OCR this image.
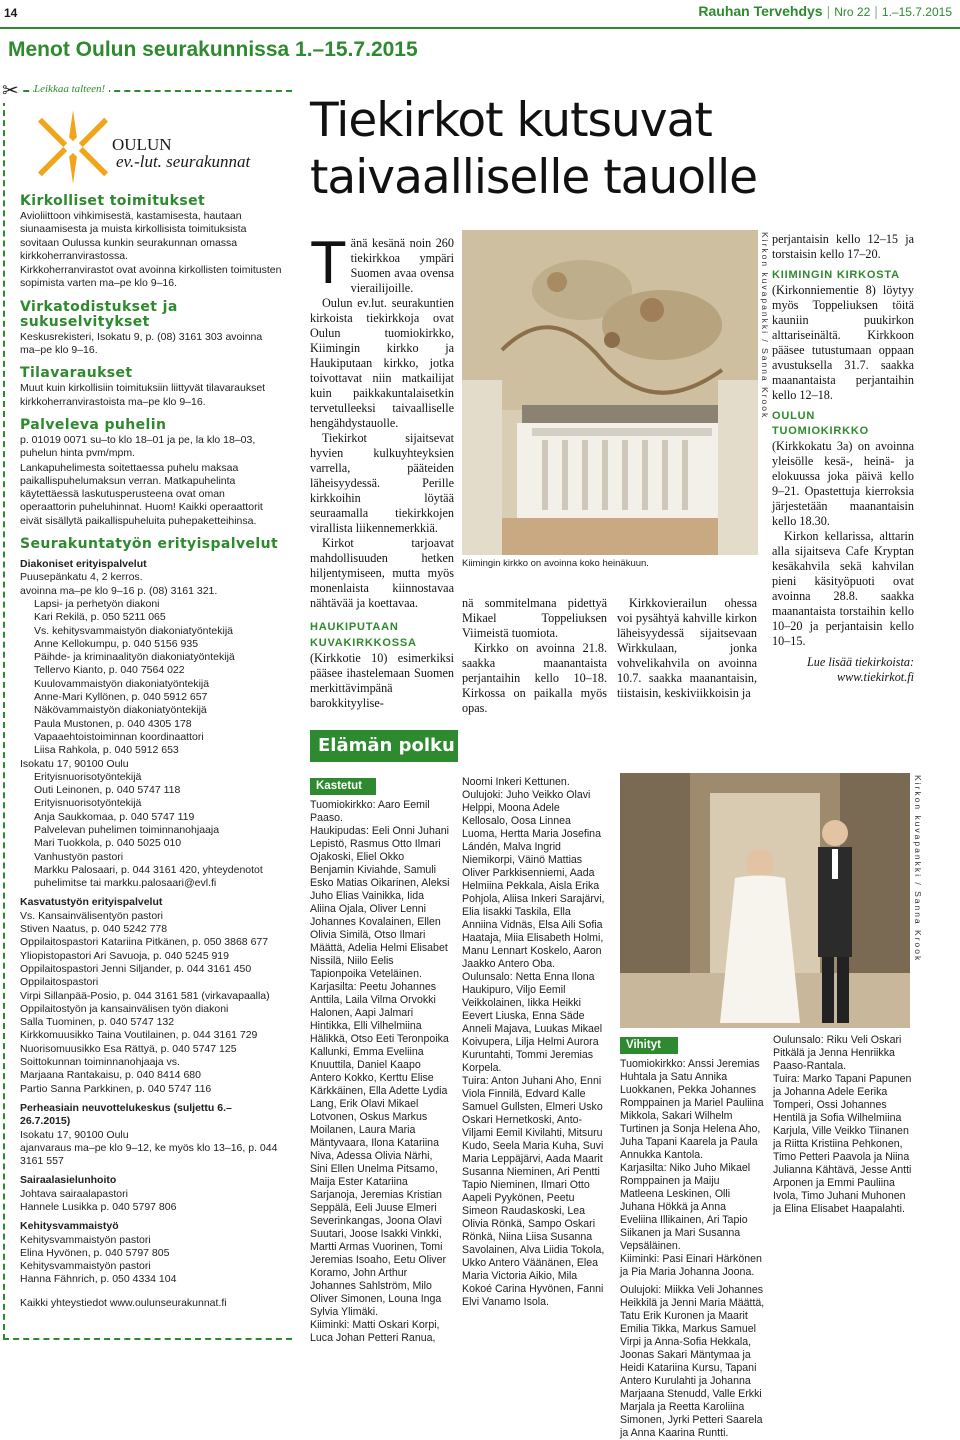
14	Rauhan Tervehdys | Nro 22 | 1.–15.7.2015
Menot Oulun seurakunnissa 1.–15.7.2015
✂ Leikkaa talteen!
OULUN
ev.-lut. seurakunnat
Kirkolliset toimitukset
Avioliittoon vihkimisestä, kastamisesta, hautaan siunaamisesta ja muista kirkollisista toimituksista sovitaan Oulussa kunkin seurakunnan omassa kirkkoherranvirastossa.
Kirkkoherranvirastot ovat avoinna kirkollisten toimitusten sopimista varten ma–pe klo 9–16.
Virkatodistukset ja sukuselvitykset
Keskusrekisteri, Isokatu 9, p. (08) 3161 303 avoinna ma–pe klo 9–16.
Tilavaraukset
Muut kuin kirkollisiin toimituksiin liittyvät tilavaraukset kirkkoherranvirastoista ma–pe klo 9–16.
Palveleva puhelin
p. 01019 0071 su–to klo 18–01 ja pe, la klo 18–03, puhelun hinta pvm/mpm.
Lankapuhelimesta soitettaessa puhelu maksaa paikallispuhelumaksun verran. Matkapuhelinta käytettäessä laskutusperusteena ovat oman operaattorin puheluhinnat. Huom! Kaikki operaattorit eivät sisällytä paikallispuheluita puhepaketteihinsa.
Seurakuntatyön erityispalvelut
Diakoniset erityispalvelut
Puusepänkatu 4, 2 kerros.
avoinna ma–pe klo 9–16 p. (08) 3161 321.
Lapsi- ja perhetyön diakoni
Kari Rekilä, p. 050 5211 065
Vs. kehitysvammaistyön diakoniatyöntekijä
Anne Kellokumpu, p. 040 5156 935
Päihde- ja kriminaalityön diakoniatyöntekijä
Tellervo Kianto, p. 040 7564 022
Kuulovammaistyön diakoniatyöntekijä
Anne-Mari Kyllönen, p. 040 5912 657
Näkövammaistyön diakoniatyöntekijä
Paula Mustonen, p. 040 4305 178
Vapaaehtoistoiminnan koordinaattori
Liisa Rahkola, p. 040 5912 653
Isokatu 17, 90100 Oulu
Erityisnuorisotyöntekijä
Outi Leinonen, p. 040 5747 118
Erityisnuorisotyöntekijä
Anja Saukkomaa, p. 040 5747 119
Palvelevan puhelimen toiminnanohjaaja
Mari Tuokkola, p. 040 5025 010
Vanhustyön pastori
Markku Palosaari, p. 044 3161 420, yhteydenotot puhelimitse tai markku.palosaari@evl.fi
Kasvatustyön erityispalvelut
Vs. Kansainvälisentyön pastori
Stiven Naatus, p. 040 5242 778
Oppilaitospastori Katariina Pitkänen, p. 050 3868 677
Yliopistopastori Ari Savuoja, p. 040 5245 919
Oppilaitospastori Jenni Siljander, p. 044 3161 450
Oppilaitospastori
Virpi Sillanpää-Posio, p. 044 3161 581 (virkavapaalla)
Oppilaitostyön ja kansainvälisen työn diakoni
Salla Tuominen, p. 040 5747 132
Kirkkomuusikko Taina Voutilainen, p. 044 3161 729
Nuorisomuusikko Esa Rättyä, p. 040 5747 125
Soittokunnan toiminnanohjaaja vs.
Marjaana Rantakaisu, p. 040 8414 680
Partio Sanna Parkkinen, p. 040 5747 116
Perheasiain neuvottelukeskus (suljettu 6.–26.7.2015)
Isokatu 17, 90100 Oulu
ajanvaraus ma–pe klo 9–12, ke myös klo 13–16, p. 044 3161 557
Sairaalasielunhoito
Johtava sairaalapastori
Hannele Lusikka p. 040 5797 806
Kehitysvammaistyö
Kehitysvammaistyön pastori
Elina Hyvönen, p. 040 5797 805
Kehitysvammaistyön pastori
Hanna Fähnrich, p. 050 4334 104
Kaikki yhteystiedot www.oulunseurakunnat.fi
Tiekirkot kutsuvat taivaalliselle tauolle
Tänä kesänä noin 260 tiekirkkoa ympäri Suomen avaa ovensa vierailijoille.

Oulun ev.lut. seurakuntien kirkoista tiekirkkoja ovat Oulun tuomiokirkko, Kiimingin kirkko ja Haukiputaan kirkko, jotka toivottavat niin matkailijat kuin paikkakuntalaisetkin tervetulleeksi taivaalliselle hengähdystauolle.

Tiekirkot sijaitsevat hyvien kulkuyhteyksien varrella, pääteiden läheisyydessä. Perille kirkkoihin löytää seuraamalla tiekirkkojen virallista liikennemerkkiä.

Kirkot tarjoavat mahdollisuuden hetken hiljentymiseen, mutta myös monenlaista kiinnostavaa nähtävää ja koettavaa.

HAUKIPUTAAN KUVAKIRKKOSSA (Kirkkotie 10) esimerkiksi pääsee ihastelemaan Suomen merkittävimpänä barokkityylise-

Kiimingin kirkko on avoinna koko heinäkuun.
Kirkon kuvapankki / Sanna Krook

nä sommitelmana pidettyä Mikael Toppeliuksen Viimeistä tuomiota.

Kirkko on avoinna 21.8. saakka maanantaista perjantaihin kello 10–18. Kirkossa on paikalla myös opas.

Kirkkovierailun ohessa voi pysähtyä kahville kirkon läheisyydessä sijaitsevaan Wirkkulaan, jonka vohvelikahvila on avoinna 10.7. saakka maanantaisin, tiistaisin, keskiviikkoisin ja

perjantaisin kello 12–15 ja torstaisin kello 17–20.

KIIMINGIN KIRKOSTA

(Kirkonniementie 8) löytyy myös Toppeliuksen töitä kauniin puukirkon alttariseinältä. Kirkkoon pääsee tutustumaan oppaan avustuksella 31.7. saakka maanantaista perjantaihin kello 12–18.

OULUN TUOMIOKIRKKO

(Kirkkokatu 3a) on avoinna yleisölle kesä-, heinä- ja elokuussa joka päivä kello 9–21. Opastettuja kierroksia järjestetään maanantaisin kello 18.30.

Kirkon kellarissa, alttarin alla sijaitseva Cafe Kryptan kesäkahvila sekä kahvilan pieni käsityöpuoti ovat avoinna 28.8. saakka maanantaista torstaihin kello 10–20 ja perjantaisin kello 10–15.

Lue lisää tiekirkoista:

www.tiekirkot.fi

Elämän polku
Kastetut
Tuomiokirkko: Aaro Eemil Paaso.
Haukipudas: Eeli Onni Juhani Lepistö, Rasmus Otto Ilmari Ojakoski, Eliel Okko Benjamin Kiviahde, Samuli Esko Matias Oikarinen, Aleksi Juho Elias Vainikka, Iida Aliina Ojala, Oliver Lenni Johannes Kovalainen, Ellen Olivia Similä, Otso Ilmari Määttä, Adelia Helmi Elisabet Nissilä, Niilo Eelis Tapionpoika Veteläinen.
Karjasilta: Peetu Johannes Anttila, Laila Vilma Orvokki Halonen, Aapi Jalmari Hintikka, Elli Vilhelmiina Hälikkä, Otso Eeti Teronpoika Kallunki, Emma Eveliina Knuuttila, Daniel Kaapo Antero Kokko, Kerttu Elise Kärkkäinen, Ella Adette Lydia Lang, Erik Olavi Mikael Lotvonen, Oskus Markus Moilanen, Laura Maria Mäntyvaara, Ilona Katariina Niva, Adessa Olivia Närhi, Sini Ellen Unelma Pitsamo, Maija Ester Katariina Sarjanoja, Jeremias Kristian Seppälä, Eeli Juuse Elmeri Severinkangas, Joona Olavi Suutari, Joose Isakki Vinkki, Martti Armas Vuorinen, Tomi Jeremias Isoaho, Eetu Oliver Koramo, John Arthur Johannes Sahlström, Milo Oliver Simonen, Louna Inga Sylvia Ylimäki.
Kiiminki: Matti Oskari Korpi, Luca Johan Petteri Ranua,
Noomi Inkeri Kettunen.
Oulujoki: Juho Veikko Olavi Helppi, Moona Adele Kellosalo, Oosa Linnea Luoma, Hertta Maria Josefina Lándén, Malva Ingrid Niemikorpi, Väinö Mattias Oliver Parkkisenniemi, Aada Helmiina Pekkala, Aisla Erika Pohjola, Aliisa Inkeri Sarajärvi, Elia Iisakki Taskila, Ella Anniina Vidnäs, Elsa Aili Sofia Haataja, Miia Elisabeth Holmi, Manu Lennart Koskelo, Aaron Jaakko Antero Oba.
Oulunsalo: Netta Enna Ilona Haukipuro, Viljo Eemil Veikkolainen, Iikka Heikki Eevert Liuska, Enna Säde Anneli Majava, Luukas Mikael Koivupera, Lilja Helmi Aurora Kuruntahti, Tommi Jeremias Korpela.
Tuira: Anton Juhani Aho, Enni Viola Finnilä, Edvard Kalle Samuel Gullsten, Elmeri Usko Oskari Hernetkoski, Anto-Viljami Eemil Kivilahti, Mitsuru Kudo, Seela Maria Kuha, Suvi Maria Leppäjärvi, Aada Maarit Susanna Nieminen, Ari Pentti Tapio Nieminen, Ilmari Otto Aapeli Pyykönen, Peetu Simeon Raudaskoski, Lea Olivia Rönkä, Sampo Oskari Rönkä, Niina Liisa Susanna Savolainen, Alva Liidia Tokola, Ukko Antero Väänänen, Elea Maria Victoria Aikio, Mila Kokoé Carina Hyvönen, Fanni Elvi Vanamo Isola.
Kirkon kuvapankki / Sanna Krook
Vihityt
Tuomiokirkko: Anssi Jeremias Huhtala ja Satu Annika Luokkanen, Pekka Johannes Romppainen ja Mariel Pauliina Mikkola, Sakari Wilhelm Turtinen ja Sonja Helena Aho, Juha Tapani Kaarela ja Paula Annukka Kantola.
Karjasilta: Niko Juho Mikael Romppainen ja Maiju Matleena Leskinen, Olli Juhana Hökkä ja Anna Eveliina Illikainen, Ari Tapio Siikanen ja Mari Susanna Vepsäläinen.
Kiiminki: Pasi Einari Härkönen ja Pia Maria Johanna Joona.
Oulujoki: Miikka Veli Johannes Heikkilä ja Jenni Maria Määttä, Tatu Erik Kuronen ja Maarit Emilia Tikka, Markus Samuel Virpi ja Anna-Sofia Hekkala, Joonas Sakari Mäntymaa ja Heidi Katariina Kursu, Tapani Antero Kurulahti ja Johanna Marjaana Stenudd, Valle Erkki Marjala ja Reetta Karoliina Simonen, Jyrki Petteri Saarela ja Anna Kaarina Runtti.
Oulunsalo: Riku Veli Oskari Pitkälä ja Jenna Henriikka Paaso-Rantala.
Tuira: Marko Tapani Papunen ja Johanna Adele Eerika Tomperi, Ossi Johannes Hentilä ja Sofia Wilhelmiina Karjula, Ville Veikko Tiinanen ja Riitta Kristiina Pehkonen, Timo Petteri Paavola ja Niina Julianna Kähtävä, Jesse Antti Arponen ja Emmi Pauliina Ivola, Timo Juhani Muhonen ja Elina Elisabet Haapalahti.
